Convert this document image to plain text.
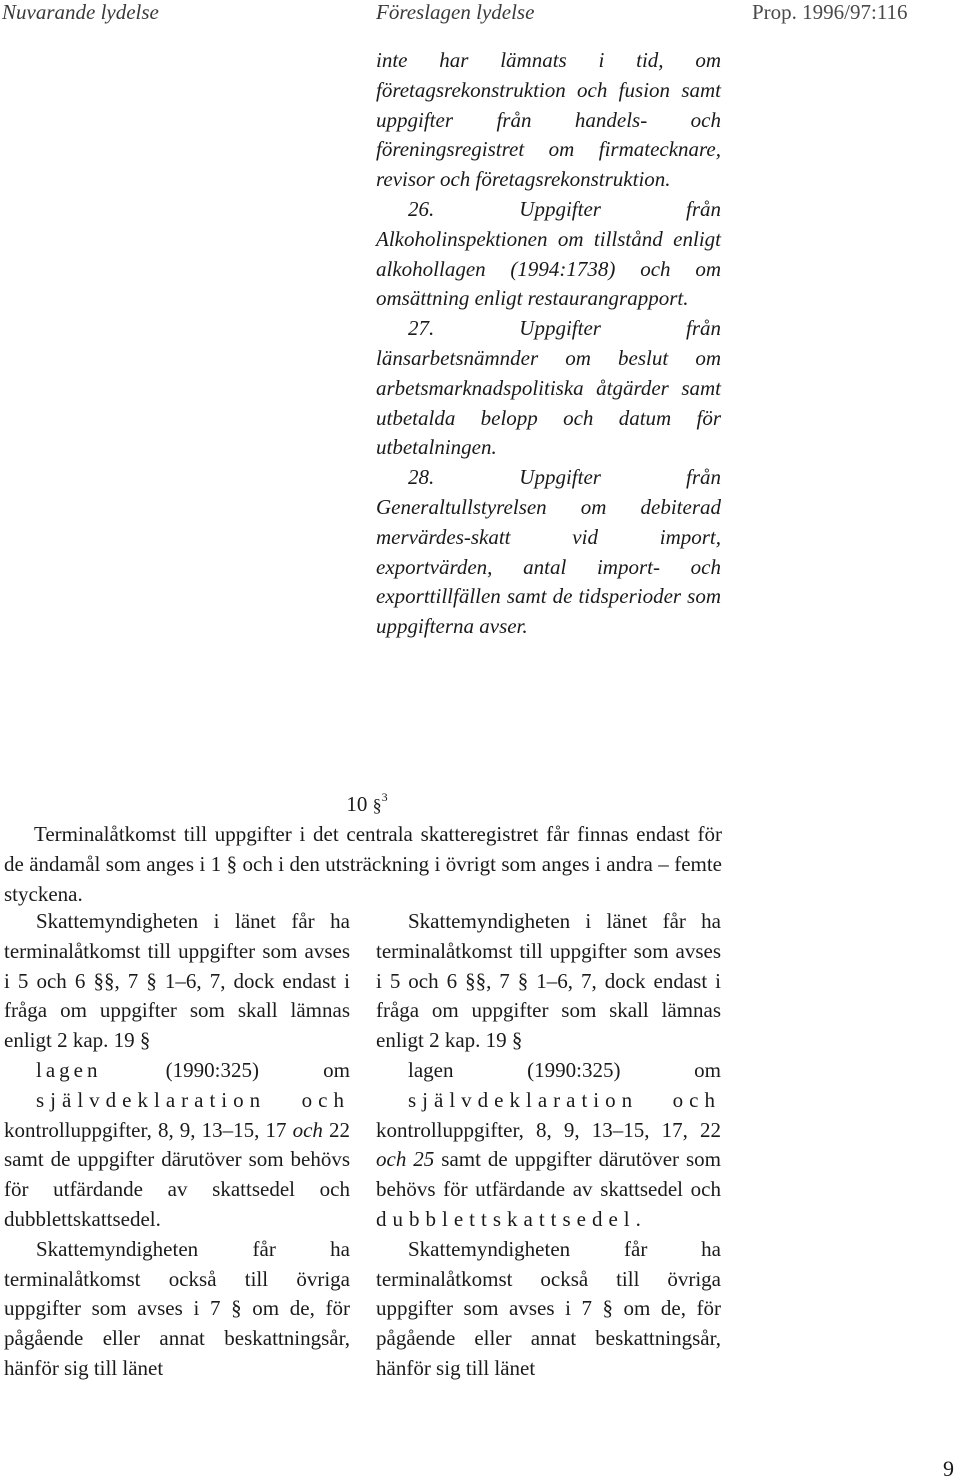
Nuvarande lydelse	Föreslagen lydelse	Prop. 1996/97:116

inte har lämnats i tid, om företagsrekonstruktion och fusion samt uppgifter från handels- och föreningsregistret om firmatecknare, revisor och företagsrekonstruktion.

26. Uppgifter från Alkoholinspektionen om tillstånd enligt alkohollagen (1994:1738) och om omsättning enligt restaurangrapport.

27. Uppgifter från länsarbetsnämnder om beslut om arbetsmarknadspolitiska åtgärder samt utbetalda belopp och datum för utbetalningen.

28. Uppgifter från Generaltullstyrelsen om debiterad mervärdes-skatt vid import, exportvärden, antal import- och exporttillfällen samt de tidsperioder som uppgifterna avser.

10 §$^3$

Terminalåtkomst till uppgifter i det centrala skatteregistret får finnas endast för de ändamål som anges i 1 § och i den utsträckning i övrigt som anges i andra – femte styckena.

Skattemyndigheten i länet får ha terminalåtkomst till uppgifter som avses i 5 och 6 §§, 7 § 1–6, 7, dock endast i fråga om uppgifter som skall lämnas enligt 2 kap. 19 §
lagen	(1990:325)	om
självdeklaration	och
kontrolluppgifter, 8, 9, 13–15, 17 och 22 samt de uppgifter därutöver som behövs för utfärdande av skattsedel och dubblettskattsedel.

Skattemyndigheten får ha terminalåtkomst också till övriga uppgifter som avses i 7 § om de, för pågående eller annat beskattningsår, hänför sig till länet

Skattemyndigheten i länet får ha terminalåtkomst till uppgifter som avses i 5 och 6 §§, 7 § 1–6, 7, dock endast i fråga om uppgifter som skall lämnas enligt 2 kap. 19 §
lagen	(1990:325)	om
självdeklaration	och
kontrolluppgifter, 8, 9, 13–15, 17, 22 och 25 samt de uppgifter därutöver som behövs för utfärdande av skattsedel och dubblettskattsedel.

Skattemyndigheten får ha terminalåtkomst också till övriga uppgifter som avses i 7 § om de, för pågående eller annat beskattningsår, hänför sig till länet

9
